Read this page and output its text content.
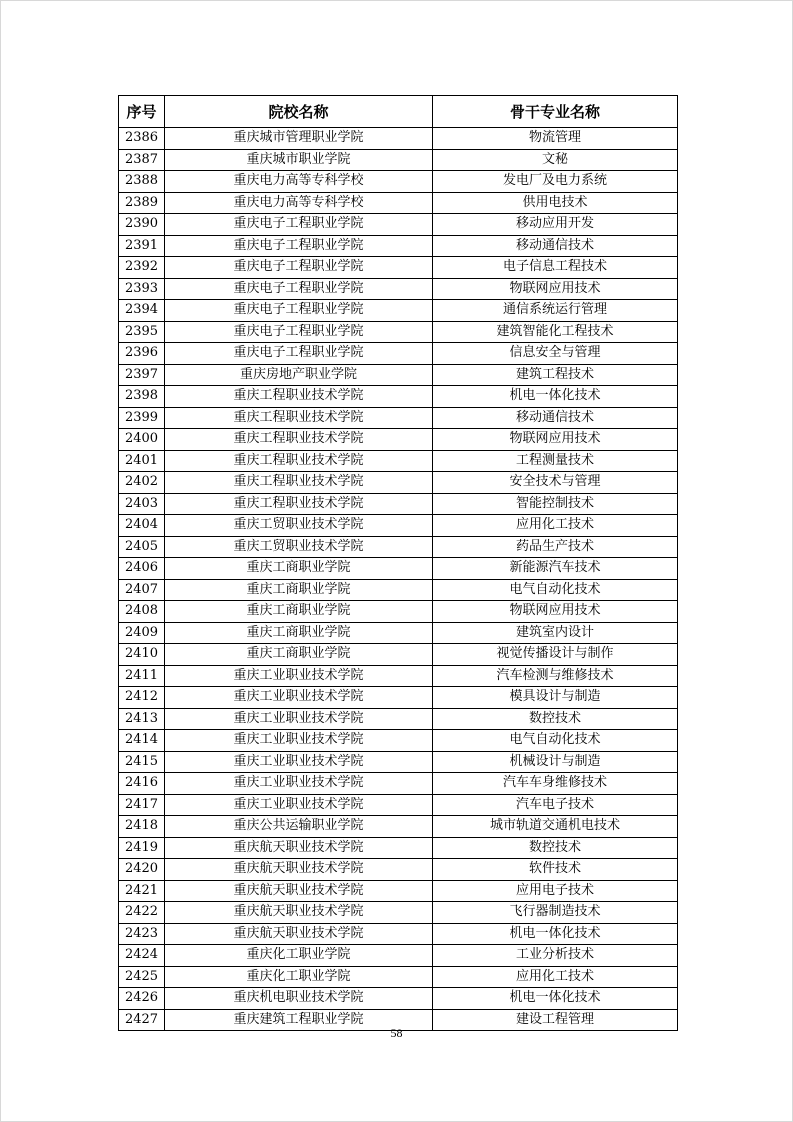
序号	院校名称	骨干专业名称
2386	重庆城市管理职业学院	物流管理
2387	重庆城市职业学院	文秘
2388	重庆电力高等专科学校	发电厂及电力系统
2389	重庆电力高等专科学校	供用电技术
2390	重庆电子工程职业学院	移动应用开发
2391	重庆电子工程职业学院	移动通信技术
2392	重庆电子工程职业学院	电子信息工程技术
2393	重庆电子工程职业学院	物联网应用技术
2394	重庆电子工程职业学院	通信系统运行管理
2395	重庆电子工程职业学院	建筑智能化工程技术
2396	重庆电子工程职业学院	信息安全与管理
2397	重庆房地产职业学院	建筑工程技术
2398	重庆工程职业技术学院	机电一体化技术
2399	重庆工程职业技术学院	移动通信技术
2400	重庆工程职业技术学院	物联网应用技术
2401	重庆工程职业技术学院	工程测量技术
2402	重庆工程职业技术学院	安全技术与管理
2403	重庆工程职业技术学院	智能控制技术
2404	重庆工贸职业技术学院	应用化工技术
2405	重庆工贸职业技术学院	药品生产技术
2406	重庆工商职业学院	新能源汽车技术
2407	重庆工商职业学院	电气自动化技术
2408	重庆工商职业学院	物联网应用技术
2409	重庆工商职业学院	建筑室内设计
2410	重庆工商职业学院	视觉传播设计与制作
2411	重庆工业职业技术学院	汽车检测与维修技术
2412	重庆工业职业技术学院	模具设计与制造
2413	重庆工业职业技术学院	数控技术
2414	重庆工业职业技术学院	电气自动化技术
2415	重庆工业职业技术学院	机械设计与制造
2416	重庆工业职业技术学院	汽车车身维修技术
2417	重庆工业职业技术学院	汽车电子技术
2418	重庆公共运输职业学院	城市轨道交通机电技术
2419	重庆航天职业技术学院	数控技术
2420	重庆航天职业技术学院	软件技术
2421	重庆航天职业技术学院	应用电子技术
2422	重庆航天职业技术学院	飞行器制造技术
2423	重庆航天职业技术学院	机电一体化技术
2424	重庆化工职业学院	工业分析技术
2425	重庆化工职业学院	应用化工技术
2426	重庆机电职业技术学院	机电一体化技术
2427	重庆建筑工程职业学院	建设工程管理
58
